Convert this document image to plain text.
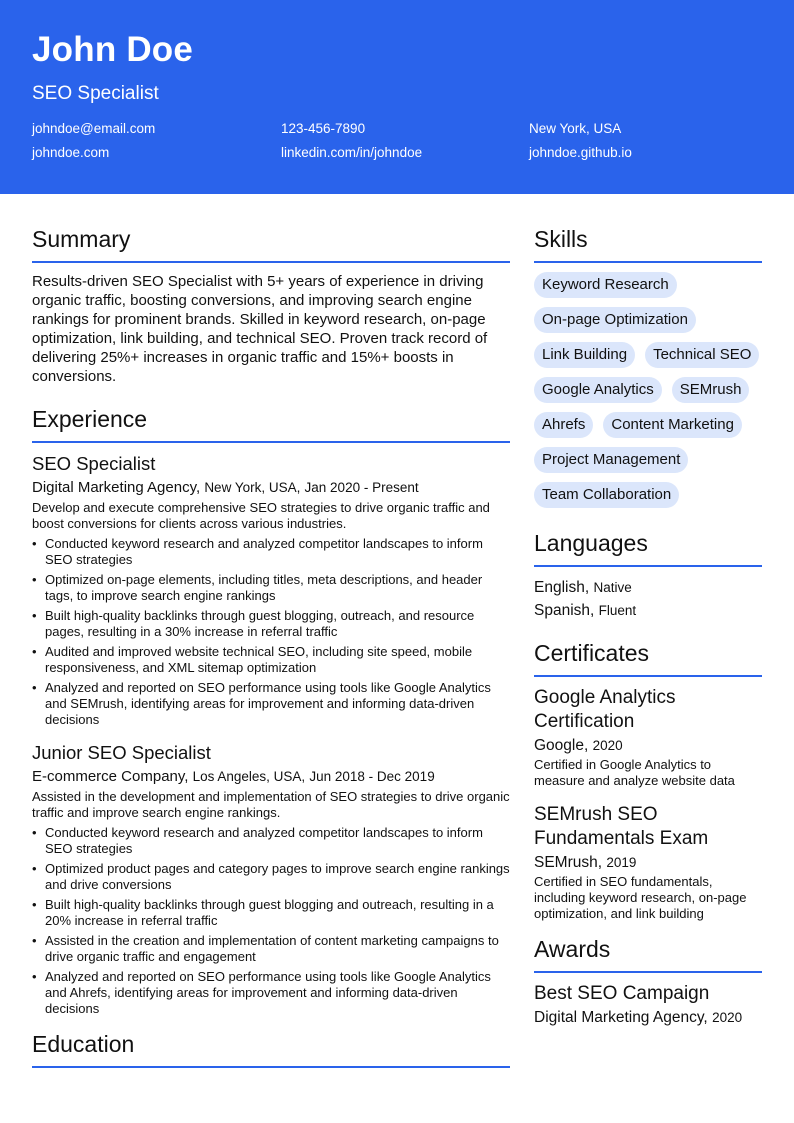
John Doe
SEO Specialist
johndoe@email.com	123-456-7890	New York, USA
johndoe.com	linkedin.com/in/johndoe	johndoe.github.io
Summary
Results-driven SEO Specialist with 5+ years of experience in driving organic traffic, boosting conversions, and improving search engine rankings for prominent brands. Skilled in keyword research, on-page optimization, link building, and technical SEO. Proven track record of delivering 25%+ increases in organic traffic and 15%+ boosts in conversions.
Experience
SEO Specialist
Digital Marketing Agency, New York, USA, Jan 2020 - Present
Develop and execute comprehensive SEO strategies to drive organic traffic and boost conversions for clients across various industries.
• Conducted keyword research and analyzed competitor landscapes to inform SEO strategies
• Optimized on-page elements, including titles, meta descriptions, and header tags, to improve search engine rankings
• Built high-quality backlinks through guest blogging, outreach, and resource pages, resulting in a 30% increase in referral traffic
• Audited and improved website technical SEO, including site speed, mobile responsiveness, and XML sitemap optimization
• Analyzed and reported on SEO performance using tools like Google Analytics and SEMrush, identifying areas for improvement and informing data-driven decisions
Junior SEO Specialist
E-commerce Company, Los Angeles, USA, Jun 2018 - Dec 2019
Assisted in the development and implementation of SEO strategies to drive organic traffic and improve search engine rankings.
• Conducted keyword research and analyzed competitor landscapes to inform SEO strategies
• Optimized product pages and category pages to improve search engine rankings and drive conversions
• Built high-quality backlinks through guest blogging and outreach, resulting in a 20% increase in referral traffic
• Assisted in the creation and implementation of content marketing campaigns to drive organic traffic and engagement
• Analyzed and reported on SEO performance using tools like Google Analytics and Ahrefs, identifying areas for improvement and informing data-driven decisions
Education
Skills
Keyword Research
On-page Optimization
Link Building	Technical SEO
Google Analytics	SEMrush
Ahrefs	Content Marketing
Project Management
Team Collaboration
Languages
English, Native
Spanish, Fluent
Certificates
Google Analytics Certification
Google, 2020
Certified in Google Analytics to measure and analyze website data
SEMrush SEO Fundamentals Exam
SEMrush, 2019
Certified in SEO fundamentals, including keyword research, on-page optimization, and link building
Awards
Best SEO Campaign
Digital Marketing Agency, 2020
